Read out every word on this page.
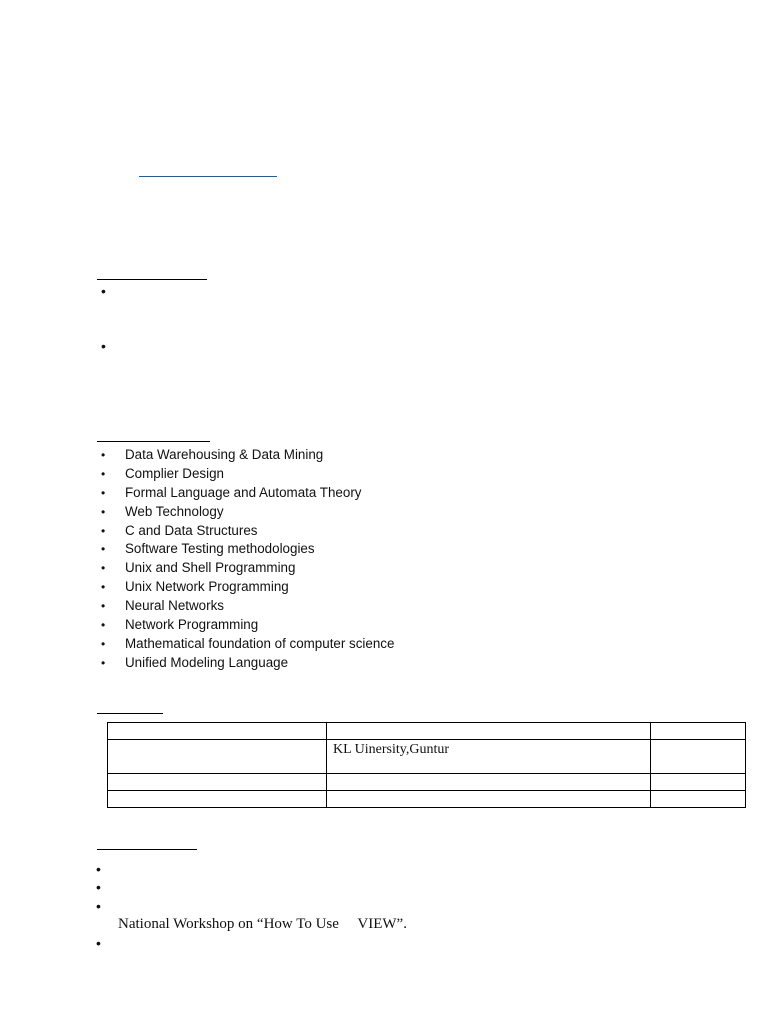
•
•
• Data Warehousing & Data Mining
• Complier Design
• Formal Language and Automata Theory
• Web Technology
• C and Data Structures
• Software Testing methodologies
• Unix and Shell Programming
• Unix Network Programming
• Neural Networks
• Network Programming
• Mathematical foundation of computer science
• Unified Modeling Language

	KL Uinersity,Guntur	

•
•
•
National Workshop on “How To Use     VIEW”.
•
